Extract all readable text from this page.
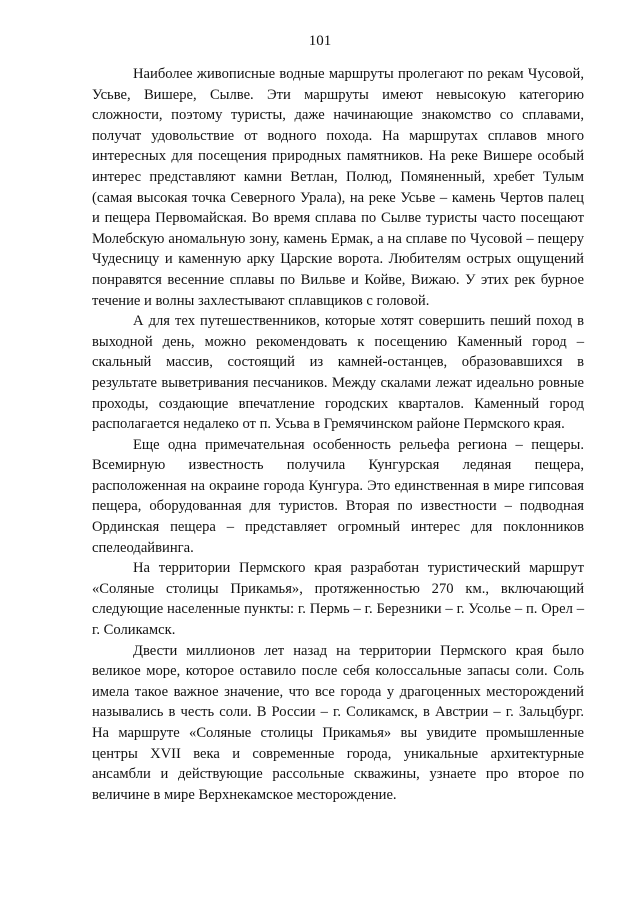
101

Наиболее живописные водные маршруты пролегают по рекам Чусовой, Усьве, Вишере, Сылве. Эти маршруты имеют невысокую категорию сложности, поэтому туристы, даже начинающие знакомство со сплавами, получат удовольствие от водного похода. На маршрутах сплавов много интересных для посещения природных памятников. На реке Вишере особый интерес представляют камни Ветлан, Полюд, Помяненный, хребет Тулым (самая высокая точка Северного Урала), на реке Усьве – камень Чертов палец и пещера Первомайская. Во время сплава по Сылве туристы часто посещают Молебскую аномальную зону, камень Ермак, а на сплаве по Чусовой – пещеру Чудесницу и каменную арку Царские ворота. Любителям острых ощущений понравятся весенние сплавы по Вильве и Койве, Вижаю. У этих рек бурное течение и волны захлестывают сплавщиков с головой.

А для тех путешественников, которые хотят совершить пеший поход в выходной день, можно рекомендовать к посещению Каменный город – скальный массив, состоящий из камней-останцев, образовавшихся в результате выветривания песчаников. Между скалами лежат идеально ровные проходы, создающие впечатление городских кварталов. Каменный город располагается недалеко от п. Усьва в Гремячинском районе Пермского края.

Еще одна примечательная особенность рельефа региона – пещеры. Всемирную известность получила Кунгурская ледяная пещера, расположенная на окраине города Кунгура. Это единственная в мире гипсовая пещера, оборудованная для туристов. Вторая по известности – подводная Ординская пещера – представляет огромный интерес для поклонников спелеодайвинга.

На территории Пермского края разработан туристический маршрут «Соляные столицы Прикамья», протяженностью 270 км., включающий следующие населенные пункты: г. Пермь – г. Березники – г. Усолье – п. Орел – г. Соликамск.

Двести миллионов лет назад на территории Пермского края было великое море, которое оставило после себя колоссальные запасы соли. Соль имела такое важное значение, что все города у драгоценных месторождений назывались в честь соли. В России – г. Соликамск, в Австрии – г. Зальцбург. На маршруте «Соляные столицы Прикамья» вы увидите промышленные центры XVII века и современные города, уникальные архитектурные ансамбли и действующие рассольные скважины, узнаете про второе по величине в мире Верхнекамское месторождение.
